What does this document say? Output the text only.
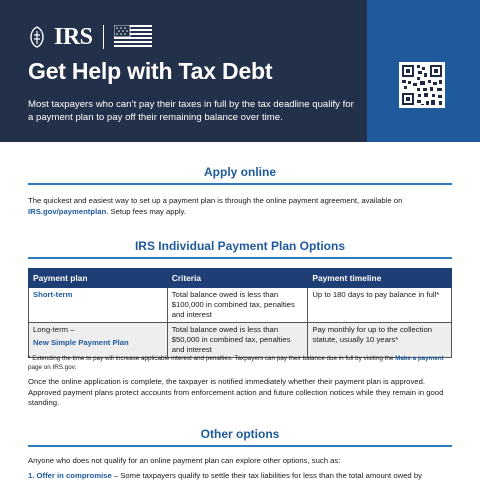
IRS
Get Help with Tax Debt

Most taxpayers who can’t pay their taxes in full by the tax deadline qualify for a payment plan to pay off their remaining balance over time.

Apply online

The quickest and easiest way to set up a payment plan is through the online payment agreement, available on IRS.gov/paymentplan. Setup fees may apply.

IRS Individual Payment Plan Options
Payment plan	Criteria	Payment timeline

Short-term	Total balance owed is less than $100,000 in combined tax, penalties and interest	Up to 180 days to pay balance in full*
Long-term –
New Simple Payment Plan	Total balance owed is less than $50,000 in combined tax, penalties and interest	Pay monthly for up to the collection statute, usually 10 years*

* Extending the time to pay will increase applicable interest and penalties. Taxpayers can pay their balance due in full by visiting the Make a payment page on IRS.gov.

Once the online application is complete, the taxpayer is notified immediately whether their payment plan is approved. Approved payment plans protect accounts from enforcement action and future collection notices while they remain in good standing.

Other options

Anyone who does not qualify for an online payment plan can explore other options, such as:

1. Offer in compromise – Some taxpayers qualify to settle their tax liabilities for less than the total amount owed by
